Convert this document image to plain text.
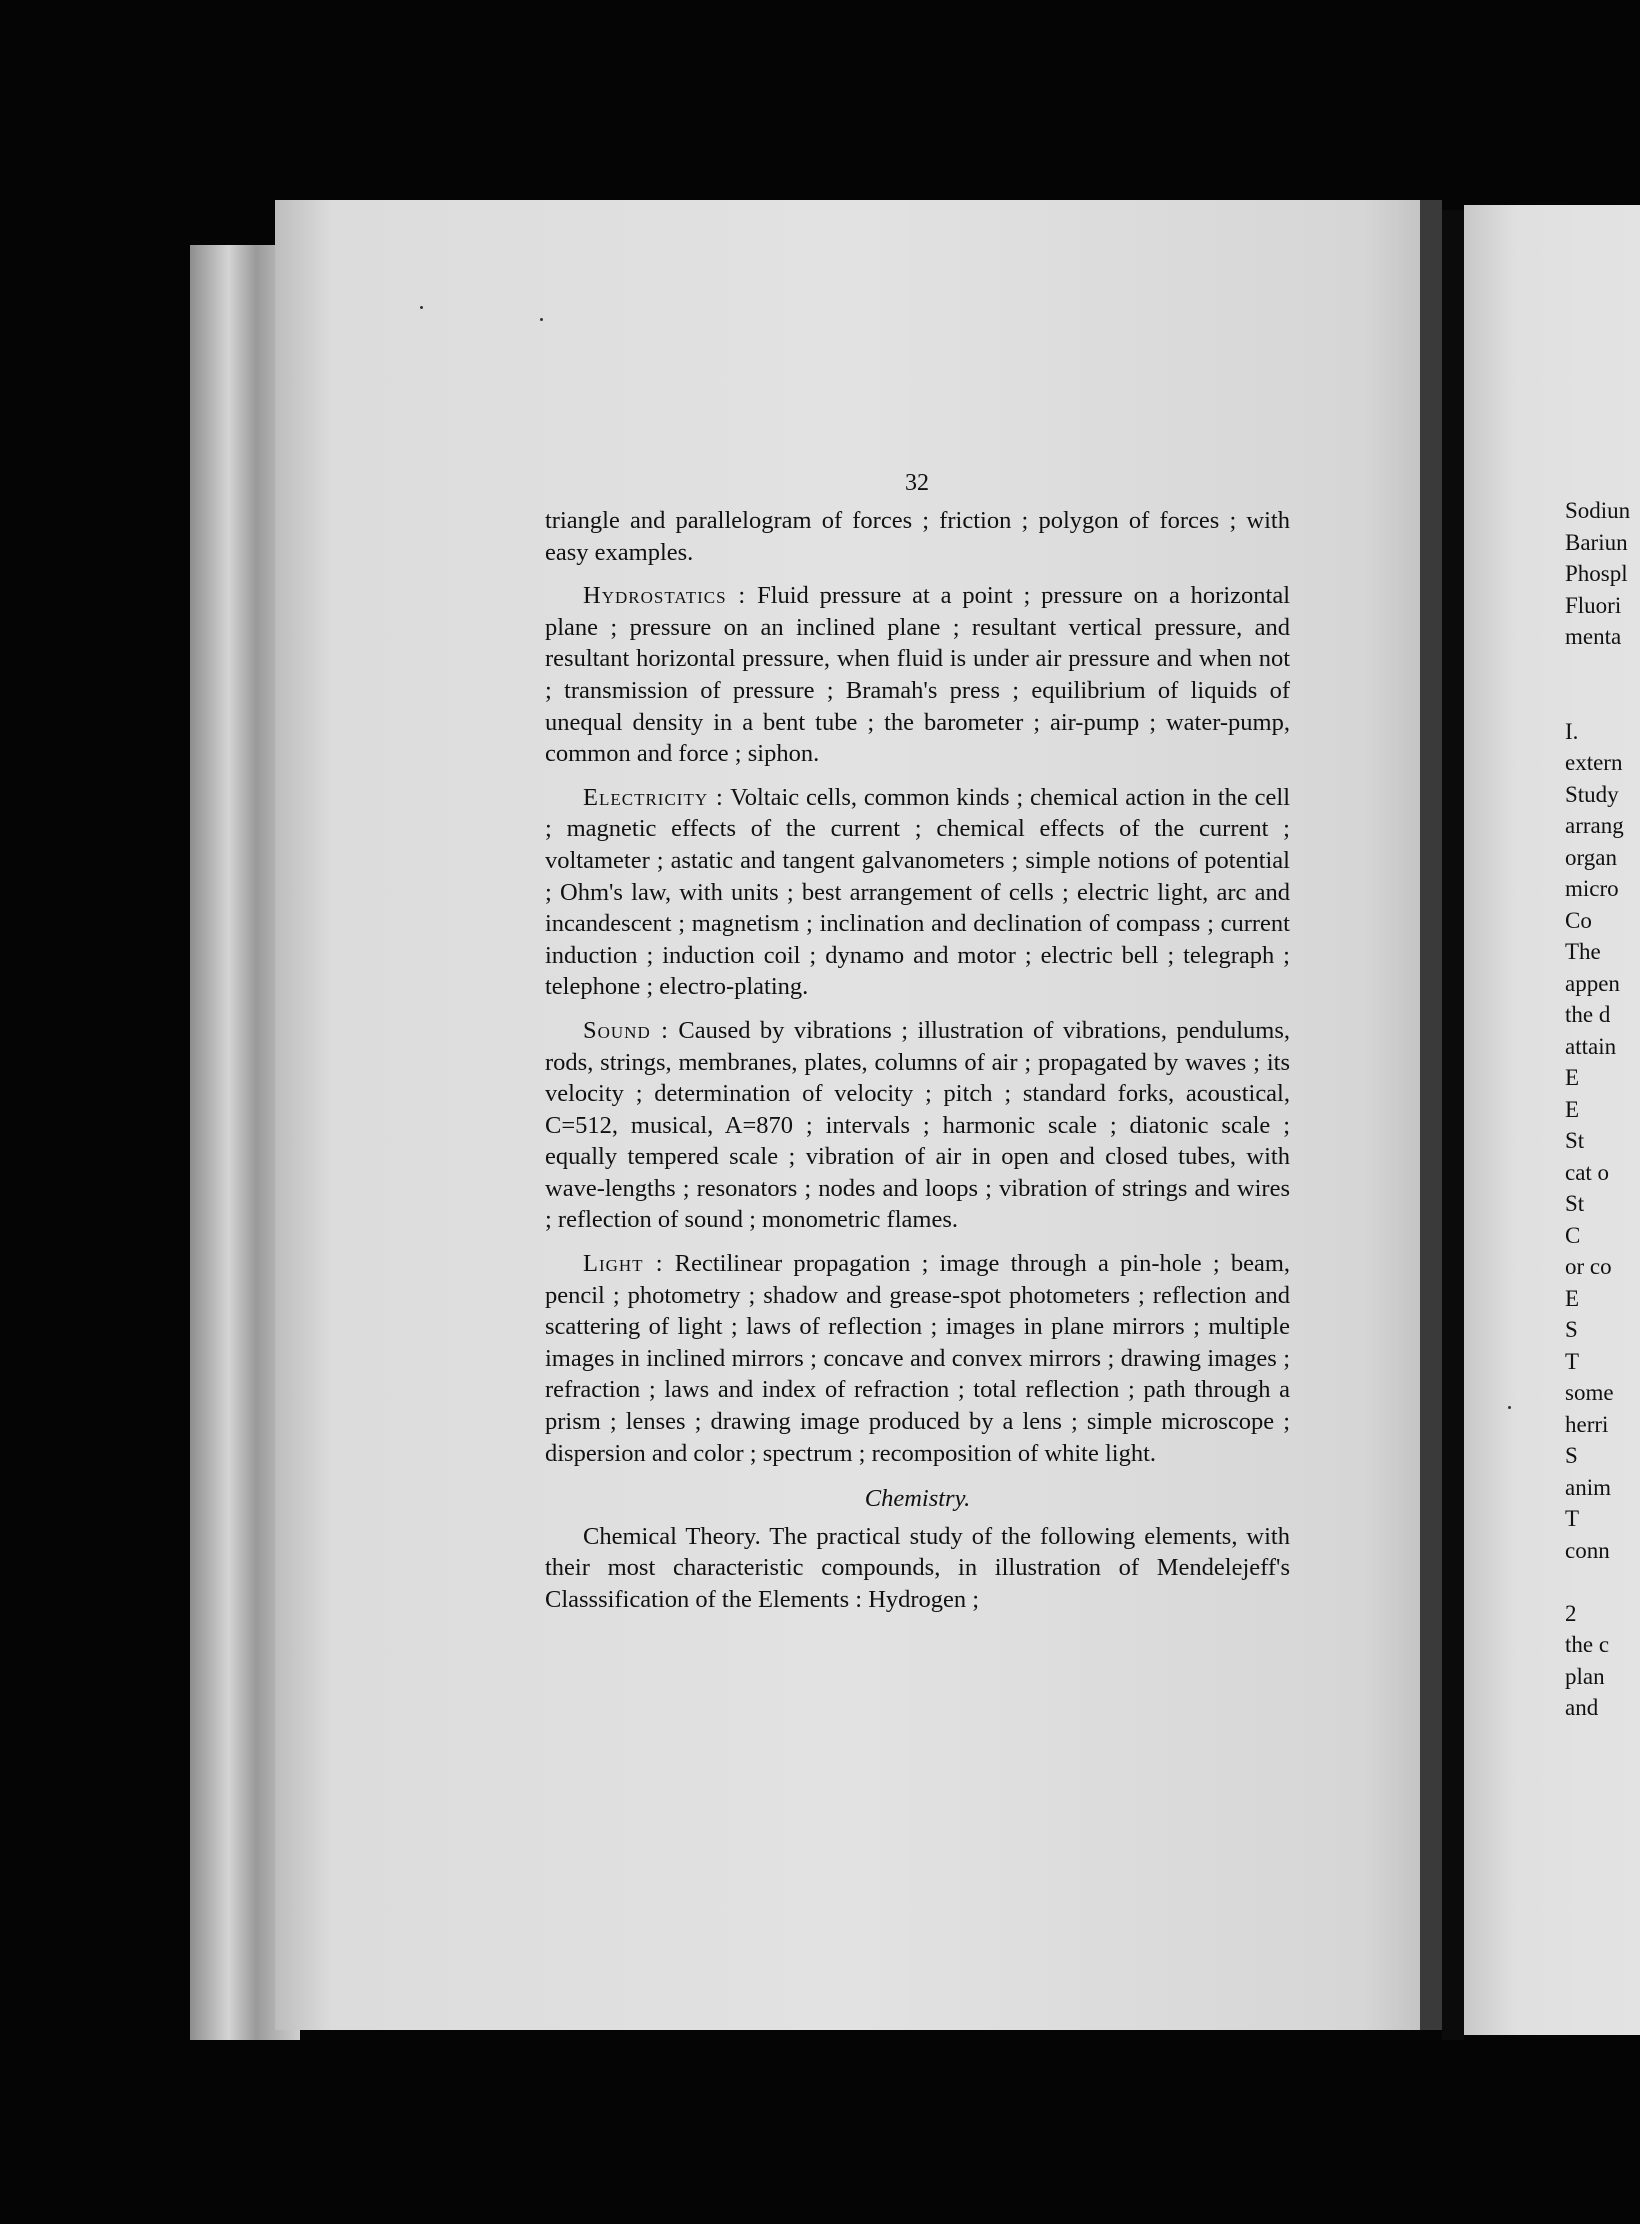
32

triangle and parallelogram of forces ; friction ; polygon of forces ; with easy examples.

Hydrostatics : Fluid pressure at a point ; pressure on a horizontal plane ; pressure on an inclined plane ; resultant vertical pressure, and resultant horizontal pressure, when fluid is under air pressure and when not ; transmission of pressure ; Bramah's press ; equilibrium of liquids of unequal density in a bent tube ; the barometer ; air-pump ; water-pump, common and force ; siphon.

Electricity : Voltaic cells, common kinds ; chemical action in the cell ; magnetic effects of the current ; chemical effects of the current ; voltameter ; astatic and tangent galvanometers ; simple notions of potential ; Ohm's law, with units ; best arrangement of cells ; electric light, arc and incandescent ; magnetism ; inclination and declination of compass ; current induction ; induction coil ; dynamo and motor ; electric bell ; telegraph ; telephone ; electro-plating.

Sound : Caused by vibrations ; illustration of vibrations, pendulums, rods, strings, membranes, plates, columns of air ; propagated by waves ; its velocity ; determination of velocity ; pitch ; standard forks, acoustical, C=512, musical, A=870 ; intervals ; harmonic scale ; diatonic scale ; equally tempered scale ; vibration of air in open and closed tubes, with wave-lengths ; resonators ; nodes and loops ; vibration of strings and wires ; reflection of sound ; monometric flames.

Light : Rectilinear propagation ; image through a pin-hole ; beam, pencil ; photometry ; shadow and grease-spot photometers ; reflection and scattering of light ; laws of reflection ; images in plane mirrors ; multiple images in inclined mirrors ; concave and convex mirrors ; drawing images ; refraction ; laws and index of refraction ; total reflection ; path through a prism ; lenses ; drawing image produced by a lens ; simple microscope ; dispersion and color ; spectrum ; recomposition of white light.

Chemistry.

Chemical Theory. The practical study of the following elements, with their most characteristic compounds, in illustration of Mendelejeff's Classsification of the Elements : Hydrogen ;

Sodiun
Bariun
Phospl
Fluori
menta
I.
extern
Study
arrang
organ
micro
Co
The
appen
the d
attain
E
E
St
cat o
St
C
or co
E
S
T
some
herri
S
anim
T
conn
2
the c
plan
and
